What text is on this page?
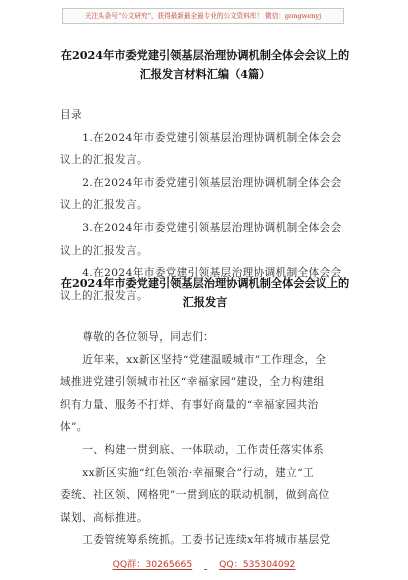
关注头条号“公文研究”，获得最新最全最专业的公文资料库！ 微信：gongwenyj
在2024年市委党建引领基层治理协调机制全体会会议上的
汇报发言材料汇编（4篇）

目录

1.在2024年市委党建引领基层治理协调机制全体会会

议上的汇报发言。

2.在2024年市委党建引领基层治理协调机制全体会会

议上的汇报发言。

3.在2024年市委党建引领基层治理协调机制全体会会

议上的汇报发言。

4.在2024年市委党建引领基层治理协调机制全体会会

议上的汇报发言。

在2024年市委党建引领基层治理协调机制全体会会议上的
汇报发言

尊敬的各位领导，同志们：

近年来，xx新区坚持“党建温暖城市”工作理念，全

域推进党建引领城市社区“幸福家园”建设，全力构建组

织有力量、服务不打烊、有事好商量的“幸福家园共治

体”。

一、构建一贯到底、一体联动，工作责任落实体系

xx新区实施“红色领治·幸福聚合”行动，建立“工

委统、社区领、网格兜”一贯到底的联动机制，做到高位

谋划、高标推进。

工委管统筹系统抓。工委书记连续x年将城市基层党

QQ群：30265665	QQ：535304092
